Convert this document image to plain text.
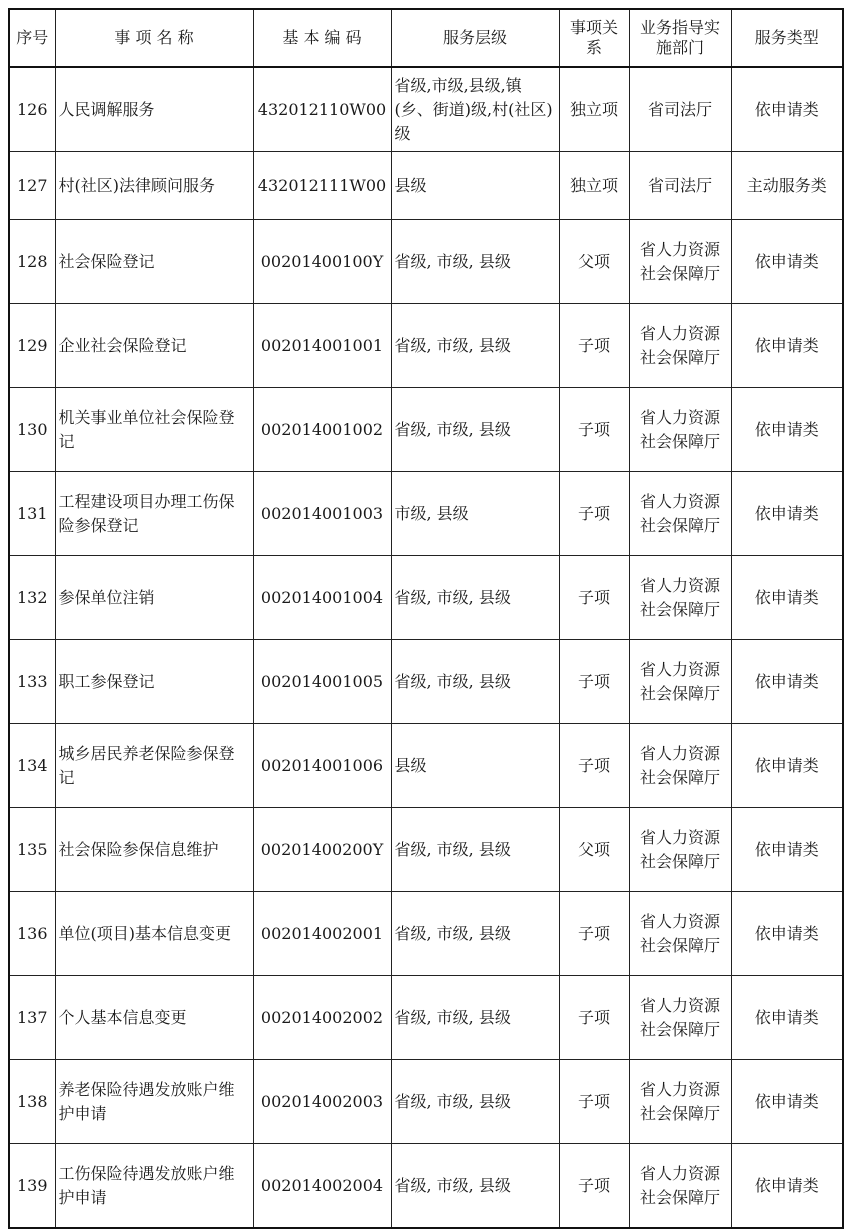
序号	事 项 名 称	基 本 编 码	服务层级	事项关系	业务指导实施部门	服务类型
126	人民调解服务	432012110W00	省级,市级,县级,镇(乡、街道)级,村(社区)级	独立项	省司法厅	依申请类
127	村(社区)法律顾问服务	432012111W00	县级	独立项	省司法厅	主动服务类
128	社会保险登记	00201400100Y	省级, 市级, 县级	父项	省人力资源社会保障厅	依申请类
129	企业社会保险登记	002014001001	省级, 市级, 县级	子项	省人力资源社会保障厅	依申请类
130	机关事业单位社会保险登记	002014001002	省级, 市级, 县级	子项	省人力资源社会保障厅	依申请类
131	工程建设项目办理工伤保险参保登记	002014001003	市级, 县级	子项	省人力资源社会保障厅	依申请类
132	参保单位注销	002014001004	省级, 市级, 县级	子项	省人力资源社会保障厅	依申请类
133	职工参保登记	002014001005	省级, 市级, 县级	子项	省人力资源社会保障厅	依申请类
134	城乡居民养老保险参保登记	002014001006	县级	子项	省人力资源社会保障厅	依申请类
135	社会保险参保信息维护	00201400200Y	省级, 市级, 县级	父项	省人力资源社会保障厅	依申请类
136	单位(项目)基本信息变更	002014002001	省级, 市级, 县级	子项	省人力资源社会保障厅	依申请类
137	个人基本信息变更	002014002002	省级, 市级, 县级	子项	省人力资源社会保障厅	依申请类
138	养老保险待遇发放账户维护申请	002014002003	省级, 市级, 县级	子项	省人力资源社会保障厅	依申请类
139	工伤保险待遇发放账户维护申请	002014002004	省级, 市级, 县级	子项	省人力资源社会保障厅	依申请类
